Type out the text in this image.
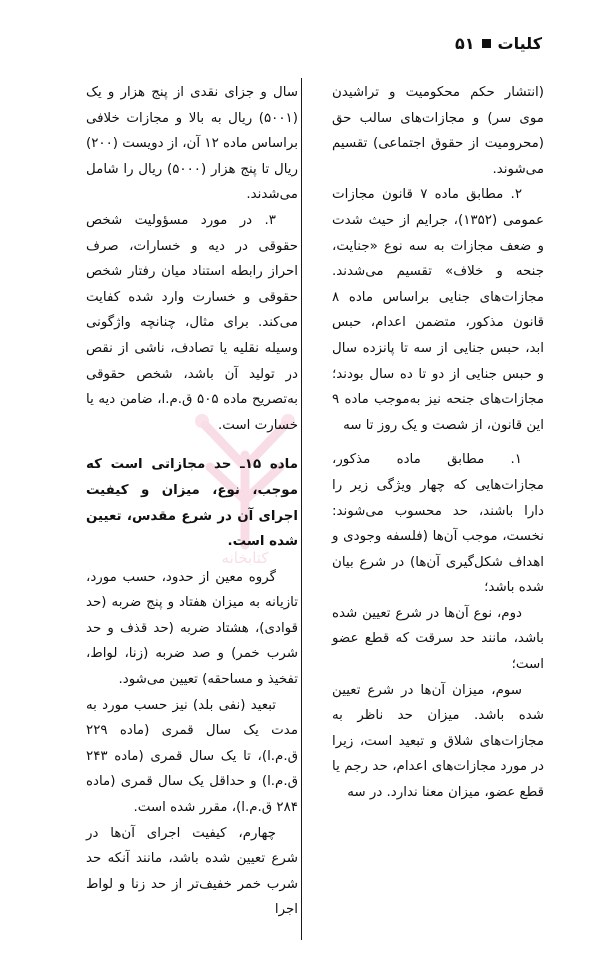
کتابخانه
کلیات
۵۱

(انتشار حکم محکومیت و تراشیدن موی سر) و مجازات‌های سالب حق (محرومیت از حقوق اجتماعی) تقسیم می‌شوند.

۲. مطابق ماده ۷ قانون مجازات عمومی (۱۳۵۲)، جرایم از حیث شدت و ضعف مجازات به سه نوع «جنایت، جنحه و خلاف» تقسیم می‌شدند. مجازات‌های جنایی براساس ماده ۸ قانون مذکور، متضمن اعدام، حبس ابد، حبس جنایی از سه تا پانزده سال و حبس جنایی از دو تا ده سال بودند؛ مجازات‌های جنحه نیز به‌موجب ماده ۹ این قانون، از شصت و یک روز تا سه

۱. مطابق ماده مذکور، مجازات‌هایی که چهار ویژگی زیر را دارا باشند، حد محسوب می‌شوند: نخست، موجب آن‌ها (فلسفه وجودی و اهداف شکل‌گیری آن‌ها) در شرع بیان شده باشد؛

دوم، نوع آن‌ها در شرع تعیین شده باشد، مانند حد سرقت که قطع عضو است؛

سوم، میزان آن‌ها در شرع تعیین شده باشد. میزان حد ناظر به مجازات‌های شلاق و تبعید است، زیرا در مورد مجازات‌های اعدام، حد رجم یا قطع عضو، میزان معنا ندارد. در سه

سال و جزای نقدی از پنج هزار و یک (۵۰۰۱) ریال به بالا و مجازات خلافی براساس ماده ۱۲ آن، از دویست (۲۰۰) ریال تا پنج هزار (۵۰۰۰) ریال را شامل می‌شدند.

۳. در مورد مسؤولیت شخص حقوقی در دیه و خسارات، صرف احراز رابطه استناد میان رفتار شخص حقوقی و خسارت وارد شده کفایت می‌کند. برای مثال، چنانچه واژگونی وسیله نقلیه یا تصادف، ناشی از نقص در تولید آن باشد، شخص حقوقی به‌تصریح ماده ۵۰۵ ق.م.ا، ضامن دیه یا خسارت است.

ماده ۱۵ـ حد مجازاتی است که موجب، نوع، میزان و کیفیت اجرای آن در شرع مقدس، تعیین شده است.

گروه معین از حدود، حسب مورد، تازیانه به میزان هفتاد و پنج ضربه (حد قوادی)، هشتاد ضربه (حد قذف و حد شرب خمر) و صد ضربه (زنا، لواط، تفخیذ و مساحقه) تعیین می‌شود.

تبعید (نفی بلد) نیز حسب مورد به مدت یک سال قمری (ماده ۲۲۹ ق.م.ا)، تا یک سال قمری (ماده ۲۴۳ ق.م.ا) و حداقل یک سال قمری (ماده ۲۸۴ ق.م.ا)، مقرر شده است.

چهارم، کیفیت اجرای آن‌ها در شرع تعیین شده باشد، مانند آنکه حد شرب خمر خفیف‌تر از حد زنا و لواط اجرا
